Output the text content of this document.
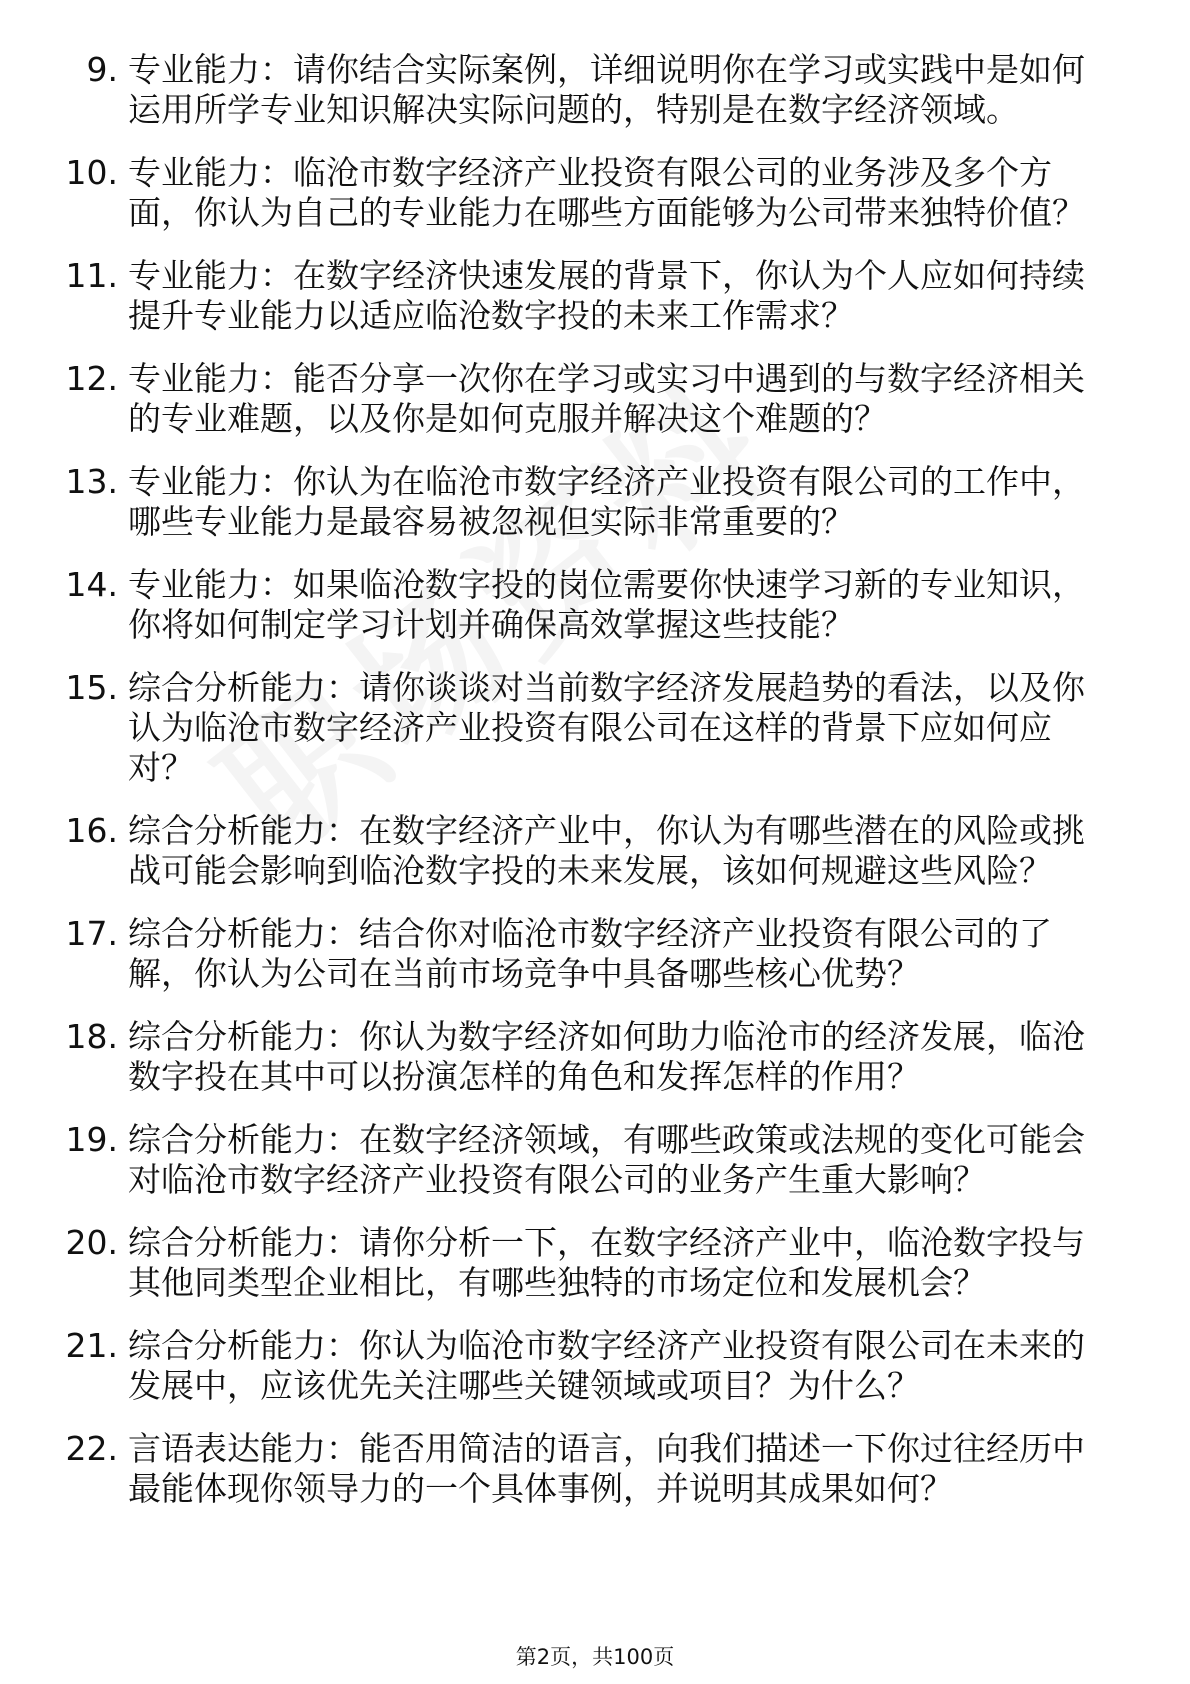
9. 专业能力：请你结合实际案例，详细说明你在学习或实践中是如何运用所学专业知识解决实际问题的，特别是在数字经济领域。
10. 专业能力：临沧市数字经济产业投资有限公司的业务涉及多个方面，你认为自己的专业能力在哪些方面能够为公司带来独特价值？
11. 专业能力：在数字经济快速发展的背景下，你认为个人应如何持续提升专业能力以适应临沧数字投的未来工作需求？
12. 专业能力：能否分享一次你在学习或实习中遇到的与数字经济相关的专业难题，以及你是如何克服并解决这个难题的？
13. 专业能力：你认为在临沧市数字经济产业投资有限公司的工作中，哪些专业能力是最容易被忽视但实际非常重要的？
14. 专业能力：如果临沧数字投的岗位需要你快速学习新的专业知识，你将如何制定学习计划并确保高效掌握这些技能？
15. 综合分析能力：请你谈谈对当前数字经济发展趋势的看法，以及你认为临沧市数字经济产业投资有限公司在这样的背景下应如何应对？
16. 综合分析能力：在数字经济产业中，你认为有哪些潜在的风险或挑战可能会影响到临沧数字投的未来发展，该如何规避这些风险？
17. 综合分析能力：结合你对临沧市数字经济产业投资有限公司的了解，你认为公司在当前市场竞争中具备哪些核心优势？
18. 综合分析能力：你认为数字经济如何助力临沧市的经济发展，临沧数字投在其中可以扮演怎样的角色和发挥怎样的作用？
19. 综合分析能力：在数字经济领域，有哪些政策或法规的变化可能会对临沧市数字经济产业投资有限公司的业务产生重大影响？
20. 综合分析能力：请你分析一下，在数字经济产业中，临沧数字投与其他同类型企业相比，有哪些独特的市场定位和发展机会？
21. 综合分析能力：你认为临沧市数字经济产业投资有限公司在未来的发展中，应该优先关注哪些关键领域或项目？为什么？
22. 言语表达能力：能否用简洁的语言，向我们描述一下你过往经历中最能体现你领导力的一个具体事例，并说明其成果如何？
第2页，共100页
